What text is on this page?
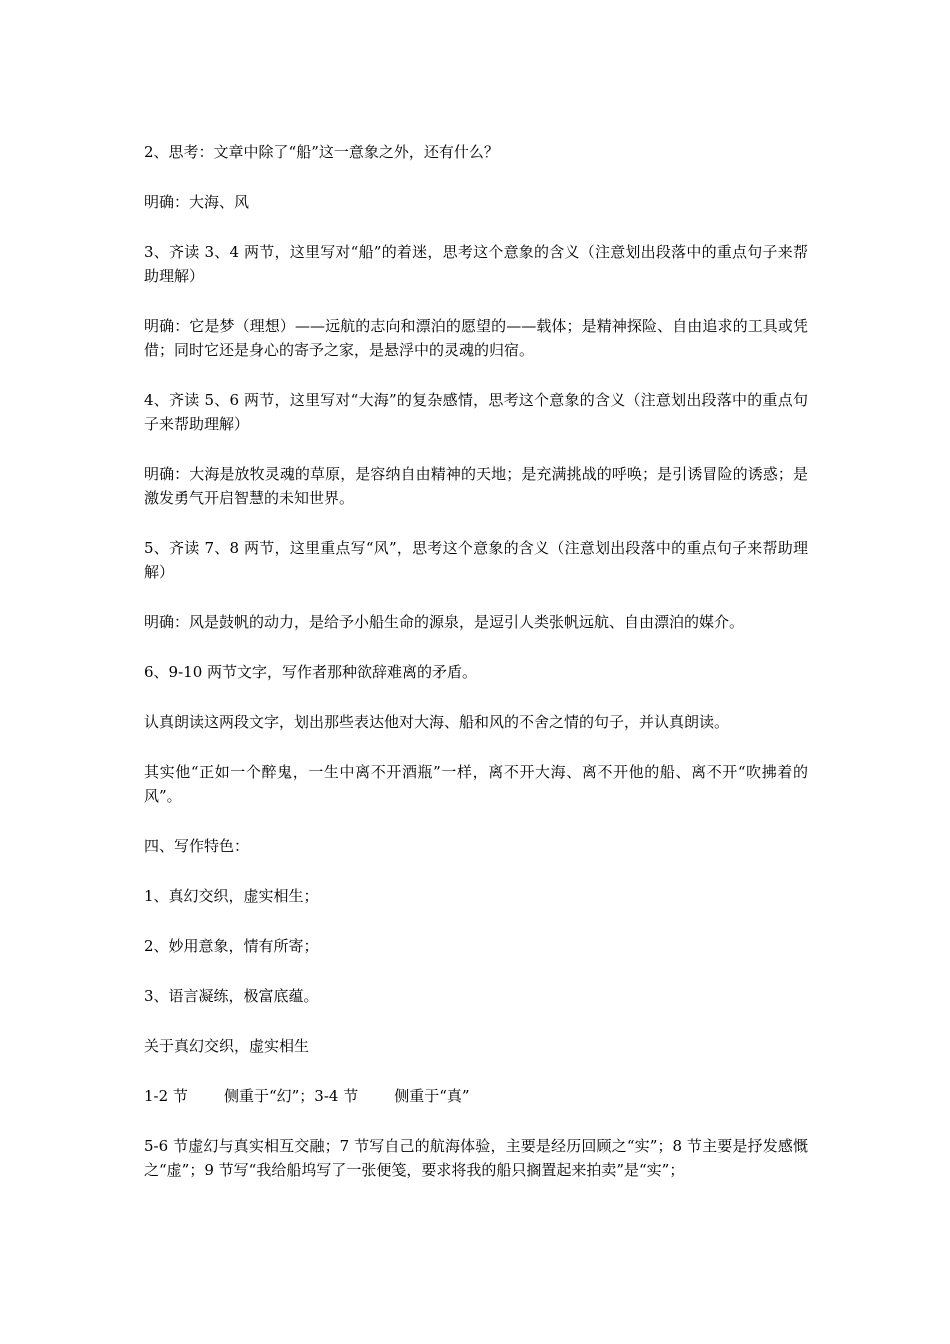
2、思考：文章中除了“船”这一意象之外，还有什么？

明确：大海、风

3、齐读 3、4 两节，这里写对“船”的着迷，思考这个意象的含义（注意划出段落中的重点句子来帮助理解）

明确：它是梦（理想）——远航的志向和漂泊的愿望的——载体；是精神探险、自由追求的工具或凭借；同时它还是身心的寄予之家，是悬浮中的灵魂的归宿。

4、齐读 5、6 两节，这里写对“大海”的复杂感情，思考这个意象的含义（注意划出段落中的重点句子来帮助理解）

明确：大海是放牧灵魂的草原，是容纳自由精神的天地；是充满挑战的呼唤；是引诱冒险的诱惑；是激发勇气开启智慧的未知世界。

5、齐读 7、8 两节，这里重点写“风”，思考这个意象的含义（注意划出段落中的重点句子来帮助理解）

明确：风是鼓帆的动力，是给予小船生命的源泉，是逗引人类张帆远航、自由漂泊的媒介。

6、9-10 两节文字，写作者那种欲辞难离的矛盾。

认真朗读这两段文字，划出那些表达他对大海、船和风的不舍之情的句子，并认真朗读。

其实他“正如一个醉鬼，一生中离不开酒瓶”一样，离不开大海、离不开他的船、离不开“吹拂着的风”。

四、写作特色：

1、真幻交织，虚实相生；

2、妙用意象，情有所寄；

3、语言凝练，极富底蕴。

关于真幻交织，虚实相生

1-2 节 侧重于“幻”；3-4 节 侧重于“真”

5-6 节虚幻与真实相互交融；7 节写自己的航海体验，主要是经历回顾之“实”；8 节主要是抒发感慨之“虚”；9 节写“我给船坞写了一张便笺，要求将我的船只搁置起来拍卖”是“实”；
